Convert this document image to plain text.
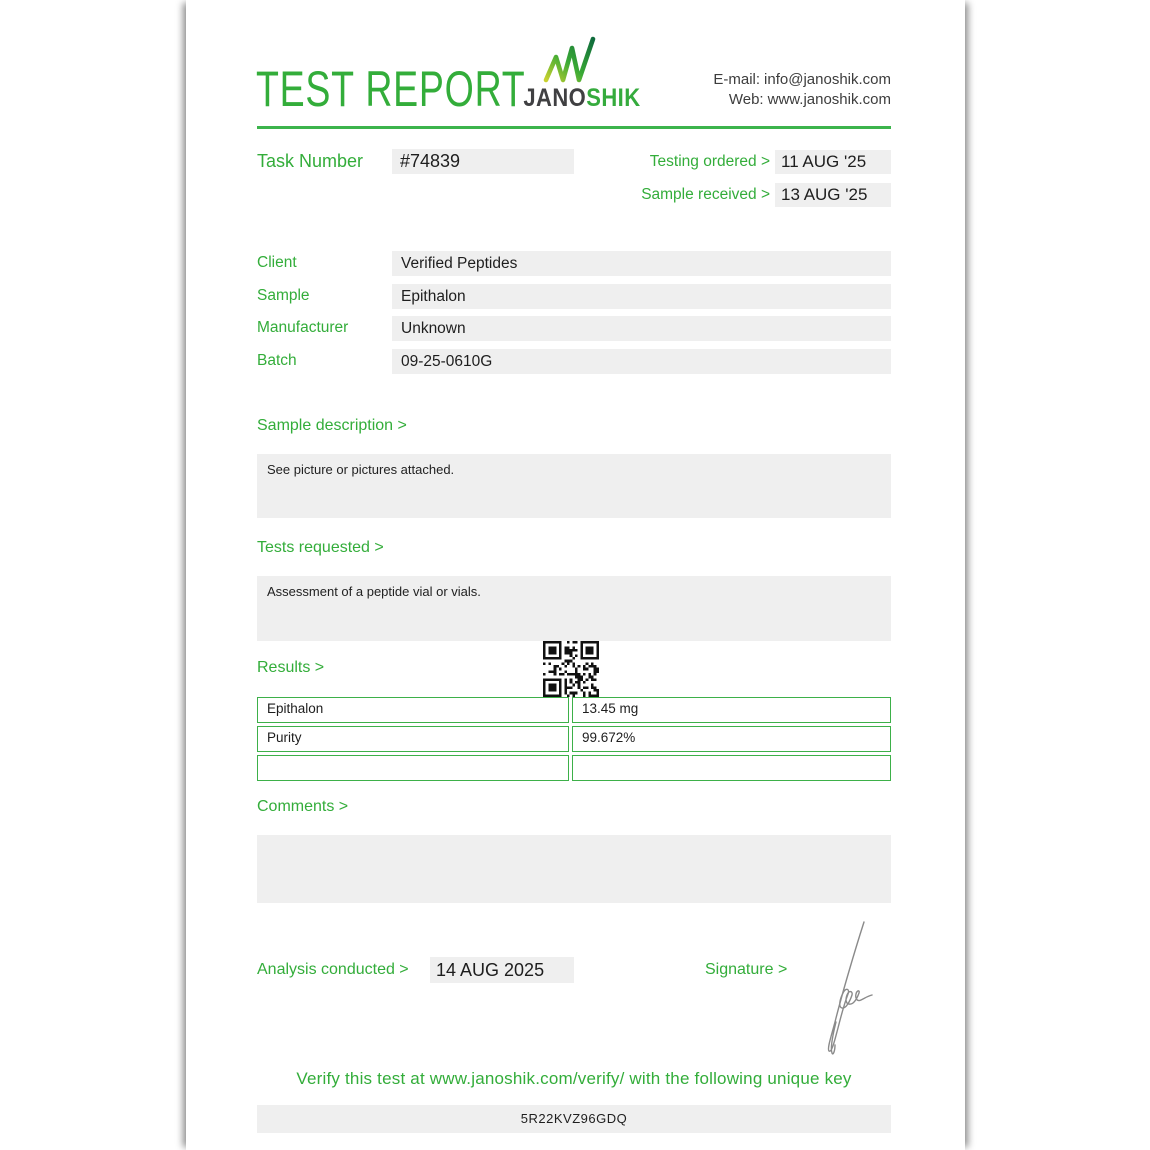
TEST REPORT
JANOSHIK
E-mail: info@janoshik.com
Web: www.janoshik.com
Task Number	#74839	Testing ordered > 11 AUG '25
Sample received > 13 AUG '25
Client	Verified Peptides
Sample	Epithalon
Manufacturer	Unknown
Batch	09-25-0610G
Sample description >
See picture or pictures attached.
Tests requested >
Assessment of a peptide vial or vials.
Results >
Epithalon	13.45 mg
Purity	99.672%
Comments >
Analysis conducted >	14 AUG 2025	Signature >
Verify this test at www.janoshik.com/verify/ with the following unique key
5R22KVZ96GDQ
